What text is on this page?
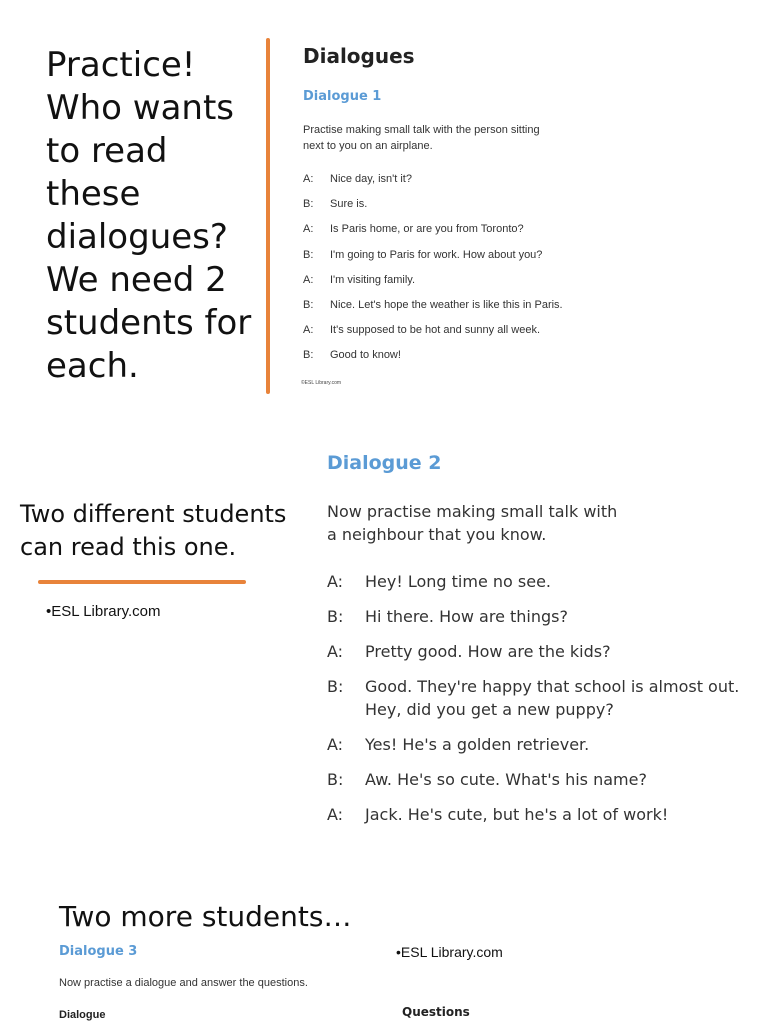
Practice! Who wants to read these dialogues? We need 2 students for each.
Dialogues
Dialogue 1
Practise making small talk with the person sitting next to you on an airplane.
A:	Nice day, isn't it?
B:	Sure is.
A:	Is Paris home, or are you from Toronto?
B:	I'm going to Paris for work. How about you?
A:	I'm visiting family.
B:	Nice. Let's hope the weather is like this in Paris.
A:	It's supposed to be hot and sunny all week.
B:	Good to know!
©ESL Library.com
Two different students can read this one.
•ESL Library.com
Dialogue 2
Now practise making small talk with a neighbour that you know.
A:	Hey! Long time no see.
B:	Hi there. How are things?
A:	Pretty good. How are the kids?
B:	Good. They're happy that school is almost out. Hey, did you get a new puppy?
A:	Yes! He's a golden retriever.
B:	Aw. He's so cute. What's his name?
A:	Jack. He's cute, but he's a lot of work!
Two more students…
Dialogue 3
Now practise a dialogue and answer the questions.
Dialogue
•ESL Library.com
Questions
